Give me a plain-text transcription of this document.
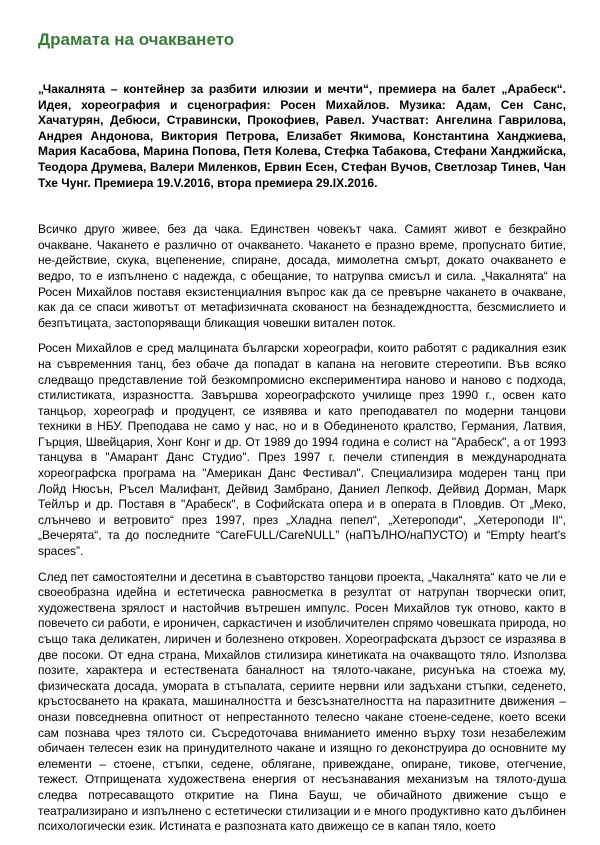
Драмата на очакването

„Чакалнята – контейнер за разбити илюзии и мечти“, премиера на балет „Арабеск“. Идея, хореография и сценография: Росен Михайлов. Музика: Адам, Сен Санс, Хачатурян, Дебюси, Стравински, Прокофиев, Равел. Участват: Ангелина Гаврилова, Андрея Андонова, Виктория Петрова, Елизабет Якимова, Константина Ханджиева, Мария Касабова, Марина Попова, Петя Колева, Стефка Табакова, Стефани Ханджийска, Теодора Друмева, Валери Миленков, Ервин Есен, Стефан Вучов, Светлозар Тинев, Чан Тхе Чунг. Премиера 19.V.2016, втора премиера 29.IX.2016.

Всичко друго живее, без да чака. Единствен човекът чака. Самият живот е безкрайно очакване. Чакането е различно от очакването. Чакането е празно време, пропуснато битие, не-действие, скука, вцепенение, спиране, досада, мимолетна смърт, докато очакването е ведро, то е изпълнено с надежда, с обещание, то натрупва смисъл и сила. „Чакалнята“ на Росен Михайлов поставя екзистенциалния въпрос как да се превърне чакането в очакване, как да се спаси животът от метафизичната скованост на безнадеждността, безсмислието и безпътицата, застопоряващи бликащия човешки витален поток.

Росен Михайлов е сред малцината български хореографи, които работят с радикалния език на съвременния танц, без обаче да попадат в капана на неговите стереотипи. Във всяко следващо представление той безкомпромисно експериментира наново и наново с подхода, стилистиката, изразността. Завършва хореографското училище през 1990 г., освен като танцьор, хореограф и продуцент, се изявява и като преподавател по модерни танцови техники в НБУ. Преподава не само у нас, но и в Обединеното кралство, Германия, Латвия, Гърция, Швейцария, Хонг Конг и др. От 1989 до 1994 година е солист на "Арабеск", а от 1993 танцува в "Амарант Данс Студио". През 1997 г. печели стипендия в международната хореографска програма на "Американ Данс Фестивал". Специализира модерен танц при Лойд Нюсън, Ръсел Малифант, Дейвид Замбрано, Даниел Лепкоф, Дейвид Дорман, Марк Тейлър и др. Поставя в "Арабеск", в Софийската опера и в операта в Пловдив. От „Меко, слънчево и ветровито“ през 1997, през „Хладна пепел“, „Хетероподи“, „Хетероподи II“, „Вечерята“, та до последните “CareFULL/CareNULL” (наПЪЛНО/наПУСТО) и “Empty heart's spaces”.

След пет самостоятелни и десетина в съавторство танцови проекта, „Чакалнята“ като че ли е своеобразна идейна и естетическа равносметка в резултат от натрупан творчески опит, художествена зрялост и настойчив вътрешен импулс. Росен Михайлов тук отново, както в повечето си работи, е ироничен, саркастичен и изобличителен спрямо човешката природа, но също така деликатен, лиричен и болезнено откровен. Хореографската дързост се изразява в две посоки. От една страна, Михайлов стилизира кинетиката на очакващото тяло. Използва позите, характера и естествената баналност на тялото-чакане, рисунъка на стоежа му, физическата досада, умората в стъпалата, сериите нервни или задъхани стъпки, седенето, кръстосването на краката, машиналността и безсъзнателността на паразитните движения – онази повседневна опитност от непрестанното телесно чакане стоене-седене, което всеки сам познава чрез тялото си. Съсредоточава вниманието именно върху този незабележим обичаен телесен език на принудителното чакане и изящно го деконструира до основните му елементи – стоене, стъпки, седене, облягане, привеждане, опиране, тикове, отегчение, тежест. Отприщената художествена енергия от несъзнавания механизъм на тялото-душа следва потресаващото откритие на Пина Бауш, че обичайното движение също е театрализирано и изпълнено с естетически стилизации и е много продуктивно като дълбинен психологически език. Истината е разпозната като движещо се в капан тяло, което
